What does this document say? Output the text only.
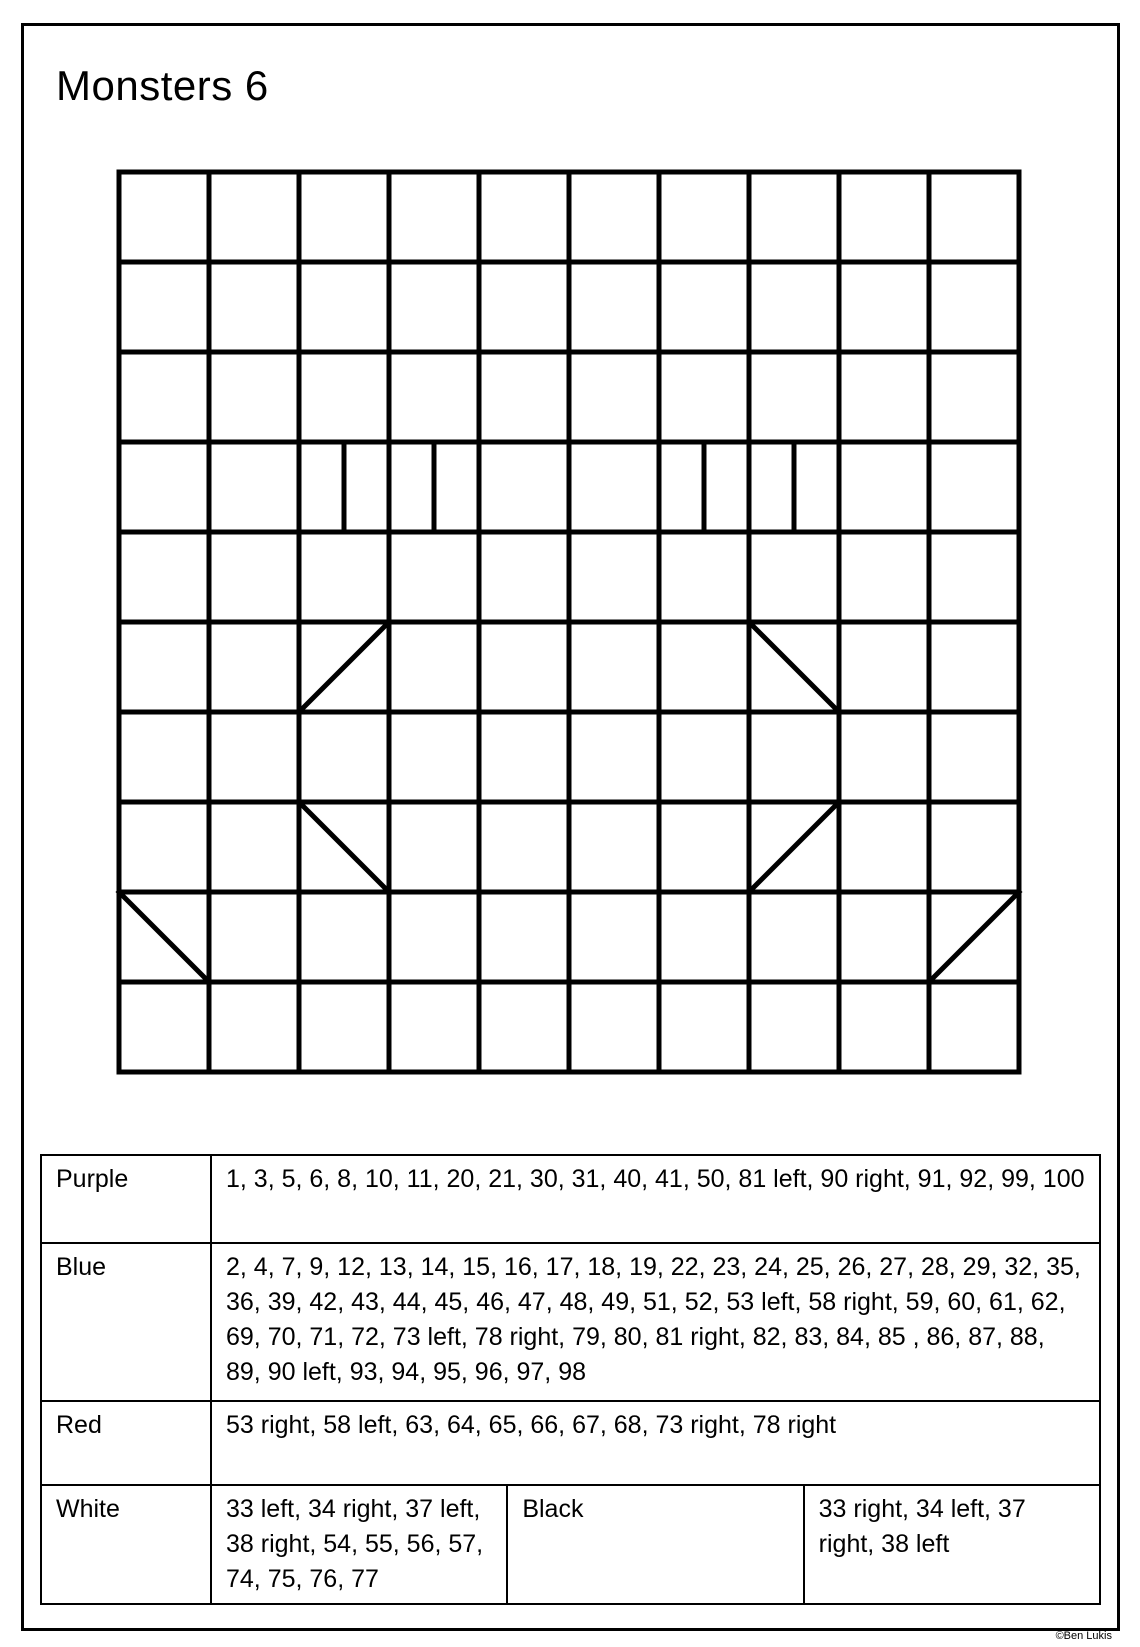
Monsters 6
Purple	1, 3, 5, 6, 8, 10, 11, 20, 21, 30, 31, 40, 41, 50, 81 left, 90 right, 91, 92, 99, 100		
Blue	2, 4, 7, 9, 12, 13, 14, 15, 16, 17, 18, 19, 22, 23, 24, 25, 26, 27, 28, 29, 32, 35, 36, 39, 42, 43, 44, 45, 46, 47, 48, 49, 51, 52, 53 left, 58 right, 59, 60, 61, 62, 69, 70, 71, 72, 73 left, 78 right, 79, 80, 81 right, 82, 83, 84, 85 , 86, 87, 88, 89, 90 left, 93, 94, 95, 96, 97, 98		
Red	53 right, 58 left, 63, 64, 65, 66, 67, 68, 73 right, 78 right		
White	33 left, 34 right, 37 left, 38 right, 54, 55, 56, 57, 74, 75, 76, 77	Black	33 right, 34 left, 37 right, 38 left
©Ben Lukis
